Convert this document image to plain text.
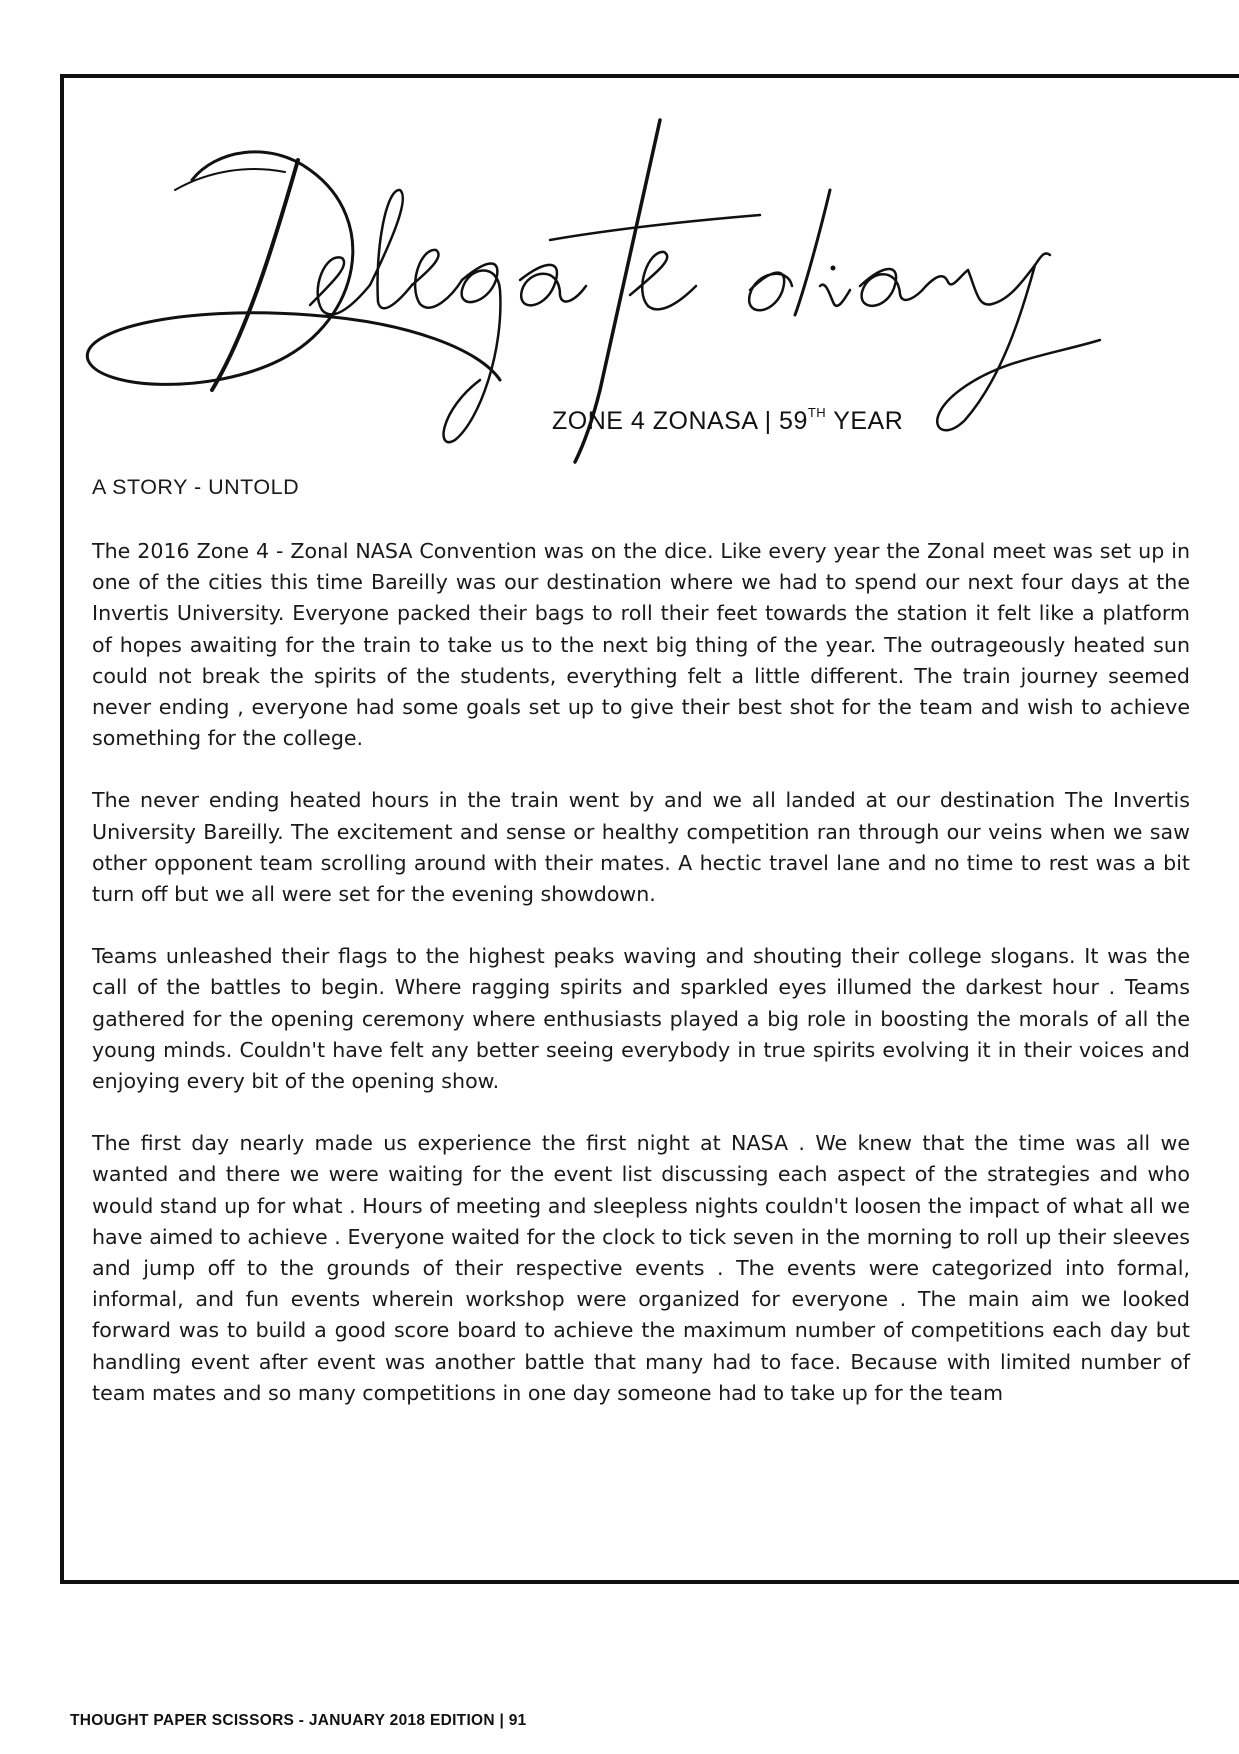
ZONE 4 ZONASA | 59TH YEAR
A STORY - UNTOLD

The 2016 Zone 4 - Zonal NASA Convention was on the dice. Like every year the Zonal meet was set up in one of the cities this time Bareilly was our destination where we had to spend our next four days at the Invertis University. Everyone packed their bags to roll their feet towards the station it felt like a platform of hopes awaiting for the train to take us to the next big thing of the year. The outrageously heated sun could not break the spirits of the students, everything felt a little different. The train journey seemed never ending , everyone had some goals set up to give their best shot for the team and wish to achieve something for the college.

The never ending heated hours in the train went by and we all landed at our destination The Invertis University Bareilly. The excitement and sense or healthy competition ran through our veins when we saw other opponent team scrolling around with their mates. A hectic travel lane and no time to rest was a bit turn off but we all were set for the evening showdown.

Teams unleashed their flags to the highest peaks waving and shouting their college slogans. It was the call of the battles to begin. Where ragging spirits and sparkled eyes illumed the darkest hour . Teams gathered for the opening ceremony where enthusiasts played a big role in boosting the morals of all the young minds. Couldn't have felt any better seeing everybody in true spirits evolving it in their voices and enjoying every bit of the opening show.

The first day nearly made us experience the first night at NASA . We knew that the time was all we wanted and there we were waiting for the event list discussing each aspect of the strategies and who would stand up for what . Hours of meeting and sleepless nights couldn't loosen the impact of what all we have aimed to achieve . Everyone waited for the clock to tick seven in the morning to roll up their sleeves and jump off to the grounds of their respective events . The events were categorized into formal, informal, and fun events wherein workshop were organized for everyone . The main aim we looked forward was to build a good score board to achieve the maximum number of competitions each day but handling event after event was another battle that many had to face. Because with limited number of team mates and so many competitions in one day someone had to take up for the team

THOUGHT PAPER SCISSORS - JANUARY 2018 EDITION | 91
